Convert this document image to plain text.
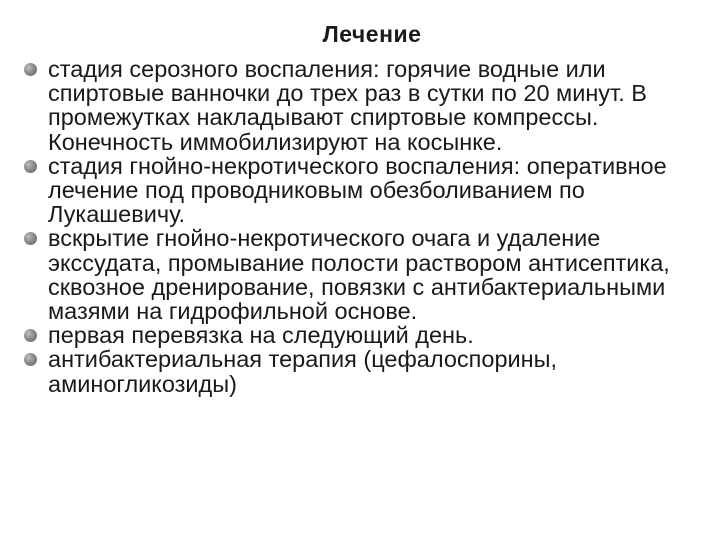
Лечение
стадия серозного воспаления: горячие водные или спиртовые ванночки до трех раз в сутки по 20 минут. В промежутках накладывают спиртовые компрессы. Конечность иммобилизируют на косынке.
стадия гнойно-некротического воспаления: оперативное лечение под проводниковым обезболиванием по Лукашевичу.
вскрытие гнойно-некротического очага и удаление экссудата, промывание полости раствором антисептика, сквозное дренирование, повязки с антибактериальными мазями на гидрофильной основе.
первая перевязка на следующий день.
антибактериальная терапия (цефалоспорины, аминогликозиды)
